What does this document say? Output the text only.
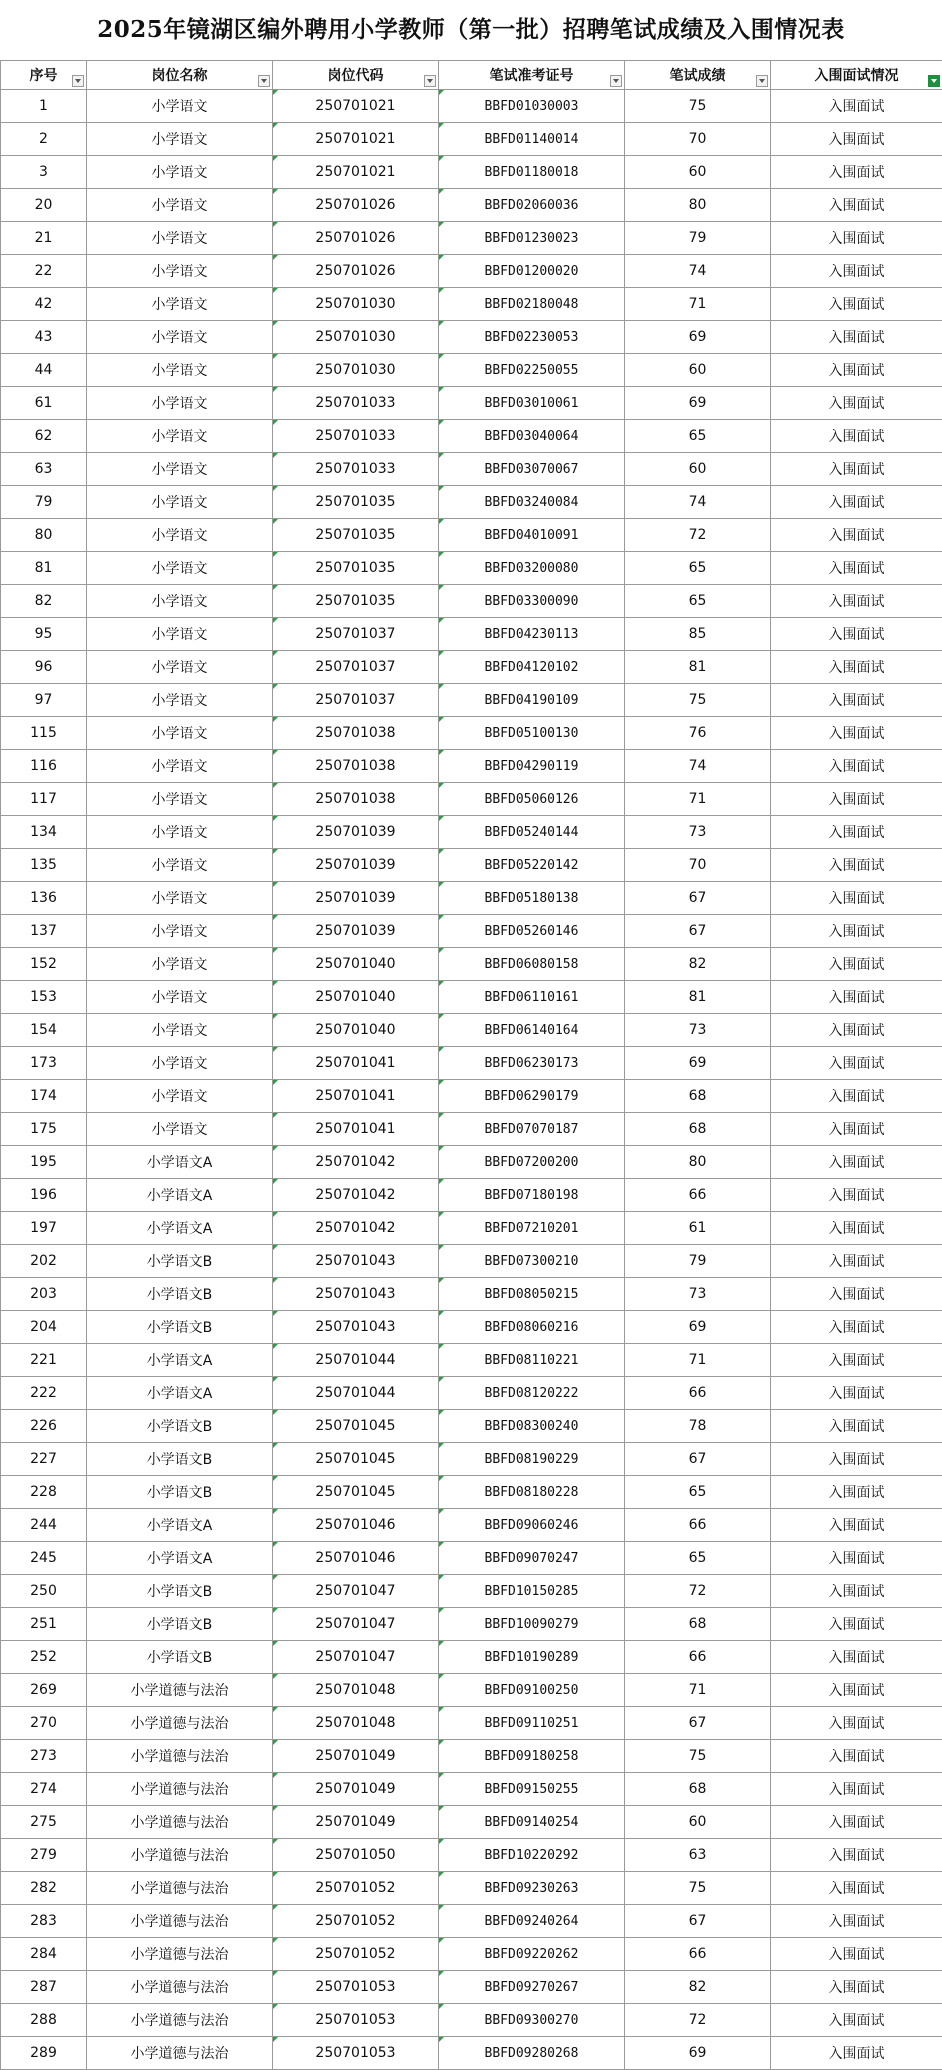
2025年镜湖区编外聘用小学教师（第一批）招聘笔试成绩及入围情况表
序号	岗位名称	岗位代码	笔试准考证号	笔试成绩	入围面试情况

1	小学语文	250701021	BBFD01030003	75	入围面试
2	小学语文	250701021	BBFD01140014	70	入围面试
3	小学语文	250701021	BBFD01180018	60	入围面试
20	小学语文	250701026	BBFD02060036	80	入围面试
21	小学语文	250701026	BBFD01230023	79	入围面试
22	小学语文	250701026	BBFD01200020	74	入围面试
42	小学语文	250701030	BBFD02180048	71	入围面试
43	小学语文	250701030	BBFD02230053	69	入围面试
44	小学语文	250701030	BBFD02250055	60	入围面试
61	小学语文	250701033	BBFD03010061	69	入围面试
62	小学语文	250701033	BBFD03040064	65	入围面试
63	小学语文	250701033	BBFD03070067	60	入围面试
79	小学语文	250701035	BBFD03240084	74	入围面试
80	小学语文	250701035	BBFD04010091	72	入围面试
81	小学语文	250701035	BBFD03200080	65	入围面试
82	小学语文	250701035	BBFD03300090	65	入围面试
95	小学语文	250701037	BBFD04230113	85	入围面试
96	小学语文	250701037	BBFD04120102	81	入围面试
97	小学语文	250701037	BBFD04190109	75	入围面试
115	小学语文	250701038	BBFD05100130	76	入围面试
116	小学语文	250701038	BBFD04290119	74	入围面试
117	小学语文	250701038	BBFD05060126	71	入围面试
134	小学语文	250701039	BBFD05240144	73	入围面试
135	小学语文	250701039	BBFD05220142	70	入围面试
136	小学语文	250701039	BBFD05180138	67	入围面试
137	小学语文	250701039	BBFD05260146	67	入围面试
152	小学语文	250701040	BBFD06080158	82	入围面试
153	小学语文	250701040	BBFD06110161	81	入围面试
154	小学语文	250701040	BBFD06140164	73	入围面试
173	小学语文	250701041	BBFD06230173	69	入围面试
174	小学语文	250701041	BBFD06290179	68	入围面试
175	小学语文	250701041	BBFD07070187	68	入围面试
195	小学语文A	250701042	BBFD07200200	80	入围面试
196	小学语文A	250701042	BBFD07180198	66	入围面试
197	小学语文A	250701042	BBFD07210201	61	入围面试
202	小学语文B	250701043	BBFD07300210	79	入围面试
203	小学语文B	250701043	BBFD08050215	73	入围面试
204	小学语文B	250701043	BBFD08060216	69	入围面试
221	小学语文A	250701044	BBFD08110221	71	入围面试
222	小学语文A	250701044	BBFD08120222	66	入围面试
226	小学语文B	250701045	BBFD08300240	78	入围面试
227	小学语文B	250701045	BBFD08190229	67	入围面试
228	小学语文B	250701045	BBFD08180228	65	入围面试
244	小学语文A	250701046	BBFD09060246	66	入围面试
245	小学语文A	250701046	BBFD09070247	65	入围面试
250	小学语文B	250701047	BBFD10150285	72	入围面试
251	小学语文B	250701047	BBFD10090279	68	入围面试
252	小学语文B	250701047	BBFD10190289	66	入围面试
269	小学道德与法治	250701048	BBFD09100250	71	入围面试
270	小学道德与法治	250701048	BBFD09110251	67	入围面试
273	小学道德与法治	250701049	BBFD09180258	75	入围面试
274	小学道德与法治	250701049	BBFD09150255	68	入围面试
275	小学道德与法治	250701049	BBFD09140254	60	入围面试
279	小学道德与法治	250701050	BBFD10220292	63	入围面试
282	小学道德与法治	250701052	BBFD09230263	75	入围面试
283	小学道德与法治	250701052	BBFD09240264	67	入围面试
284	小学道德与法治	250701052	BBFD09220262	66	入围面试
287	小学道德与法治	250701053	BBFD09270267	82	入围面试
288	小学道德与法治	250701053	BBFD09300270	72	入围面试
289	小学道德与法治	250701053	BBFD09280268	69	入围面试
